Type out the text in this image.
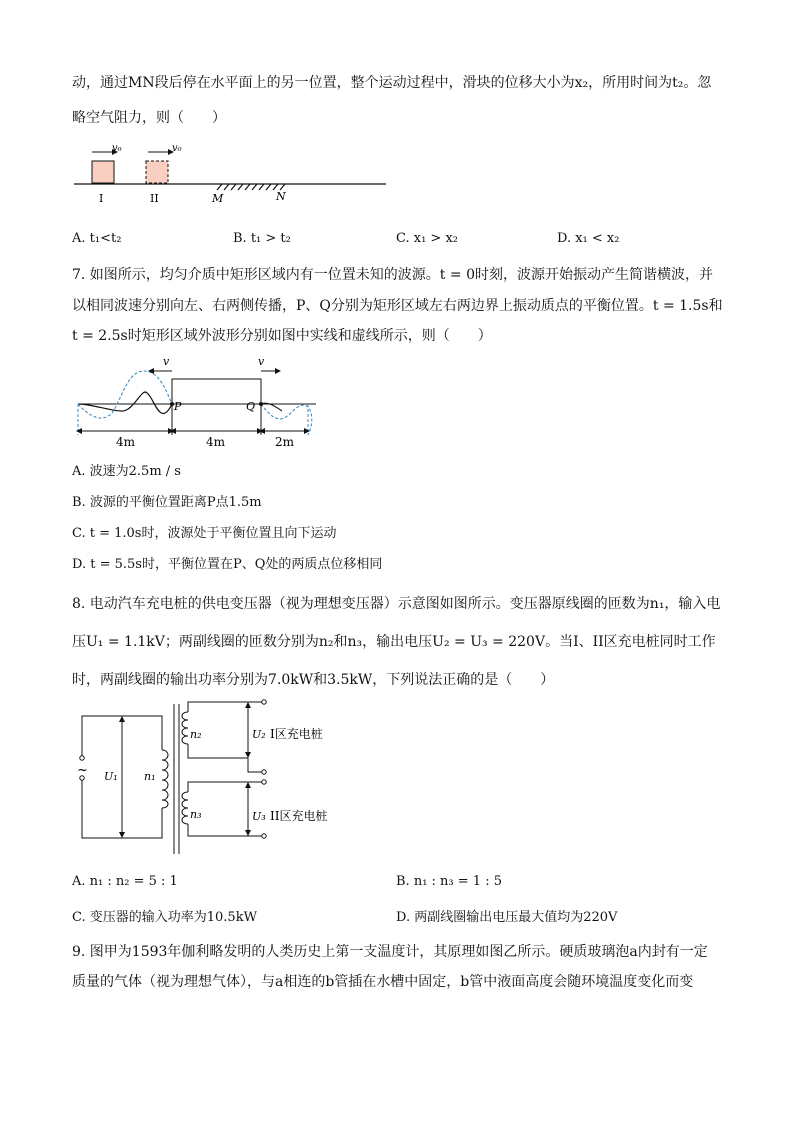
动，通过MN段后停在水平面上的另一位置，整个运动过程中，滑块的位移大小为x₂，所用时间为t₂。忽
略空气阻力，则（　　）
v₀	v₀
I	II	M	N
A. t₁<t₂	B. t₁ > t₂	C. x₁ > x₂	D. x₁ < x₂
7. 如图所示，均匀介质中矩形区域内有一位置未知的波源。t = 0时刻，波源开始振动产生简谐横波，并
以相同波速分别向左、右两侧传播，P、Q分别为矩形区域左右两边界上振动质点的平衡位置。t = 1.5s和
t = 2.5s时矩形区域外波形分别如图中实线和虚线所示，则（　　）
P	Q
v	v
4m	4m	2m
A. 波速为2.5m / s
B. 波源的平衡位置距离P点1.5m
C. t = 1.0s时，波源处于平衡位置且向下运动
D. t = 5.5s时，平衡位置在P、Q处的两质点位移相同
8. 电动汽车充电桩的供电变压器（视为理想变压器）示意图如图所示。变压器原线圈的匝数为n₁，输入电
压U₁ = 1.1kV；两副线圈的匝数分别为n₂和n₃，输出电压U₂ = U₃ = 220V。当I、II区充电桩同时工作
时，两副线圈的输出功率分别为7.0kW和3.5kW，下列说法正确的是（　　）
~ U₁ n₁
n₂
n₃
U₂
U₃
I区充电桩
II区充电桩
A. n₁ : n₂ = 5 : 1	B. n₁ : n₃ = 1 : 5
C. 变压器的输入功率为10.5kW	D. 两副线圈输出电压最大值均为220V
9. 图甲为1593年伽利略发明的人类历史上第一支温度计，其原理如图乙所示。硬质玻璃泡a内封有一定
质量的气体（视为理想气体），与a相连的b管插在水槽中固定，b管中液面高度会随环境温度变化而变
